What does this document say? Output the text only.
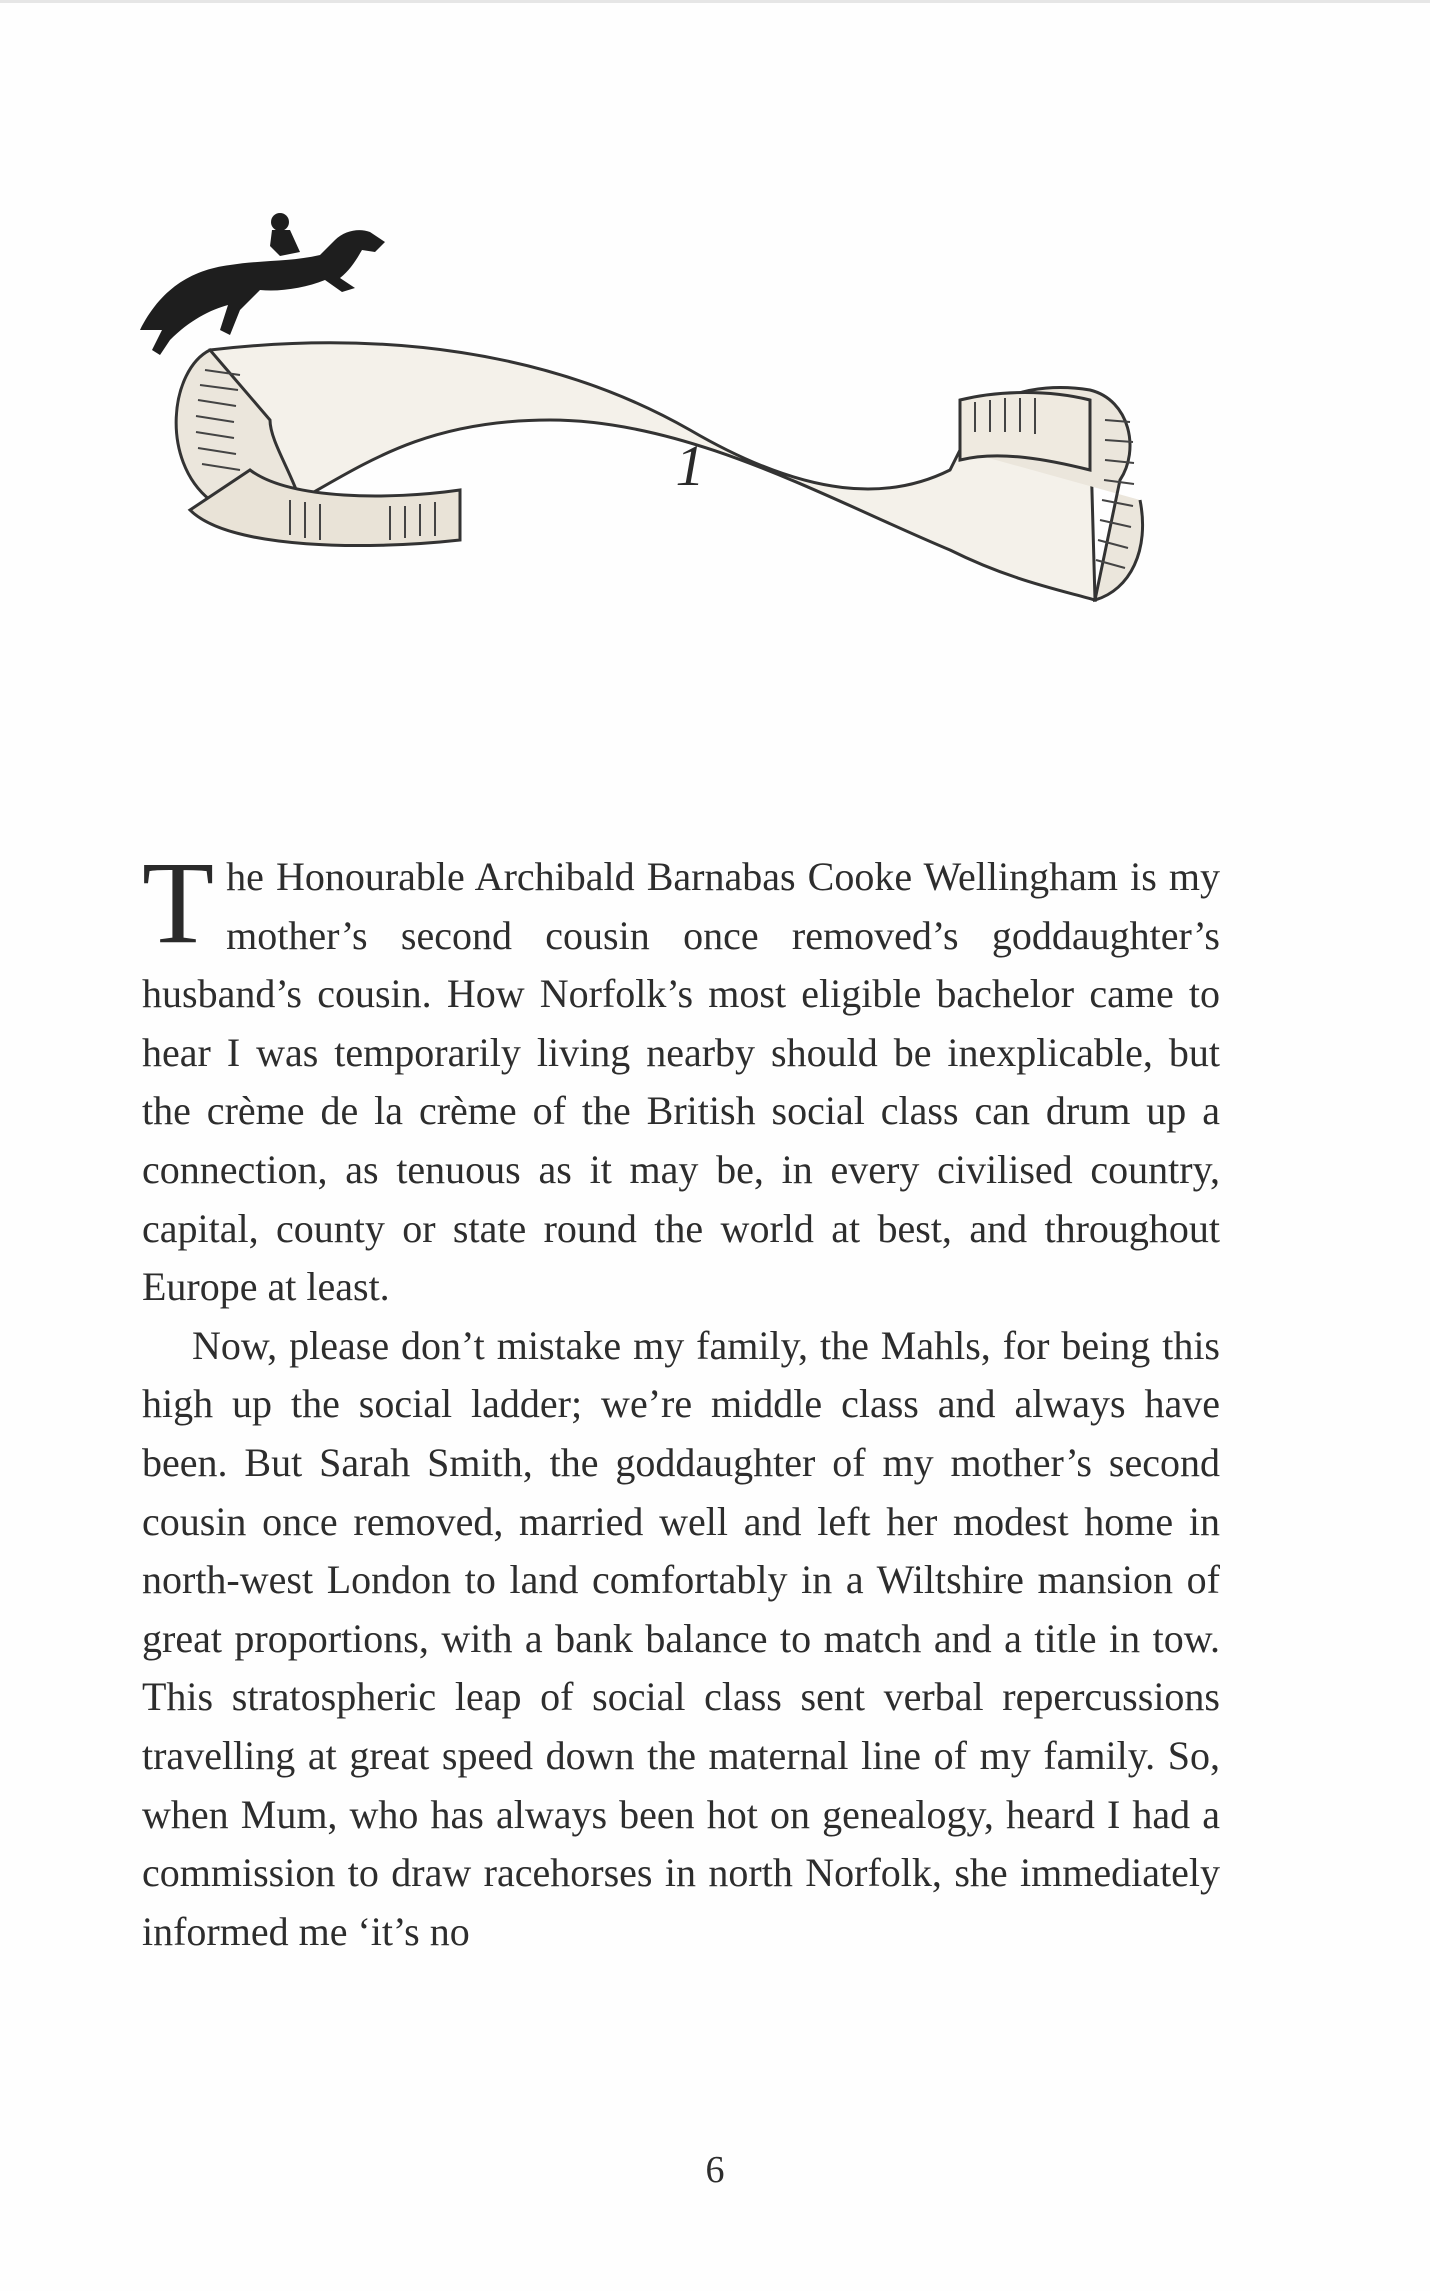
1

The Honourable Archibald Barnabas Cooke Wellingham is my mother’s second cousin once removed’s goddaughter’s husband’s cousin. How Norfolk’s most eligible bachelor came to hear I was temporarily living nearby should be inexplicable, but the crème de la crème of the British social class can drum up a connection, as tenuous as it may be, in every civilised country, capital, county or state round the world at best, and throughout Europe at least.

Now, please don’t mistake my family, the Mahls, for being this high up the social ladder; we’re middle class and always have been. But Sarah Smith, the goddaughter of my mother’s second cousin once removed, married well and left her modest home in north-west London to land comfortably in a Wiltshire mansion of great proportions, with a bank balance to match and a title in tow. This stratospheric leap of social class sent verbal repercussions travelling at great speed down the maternal line of my family. So, when Mum, who has always been hot on genealogy, heard I had a commission to draw racehorses in north Norfolk, she immediately informed me ‘it’s no

6
